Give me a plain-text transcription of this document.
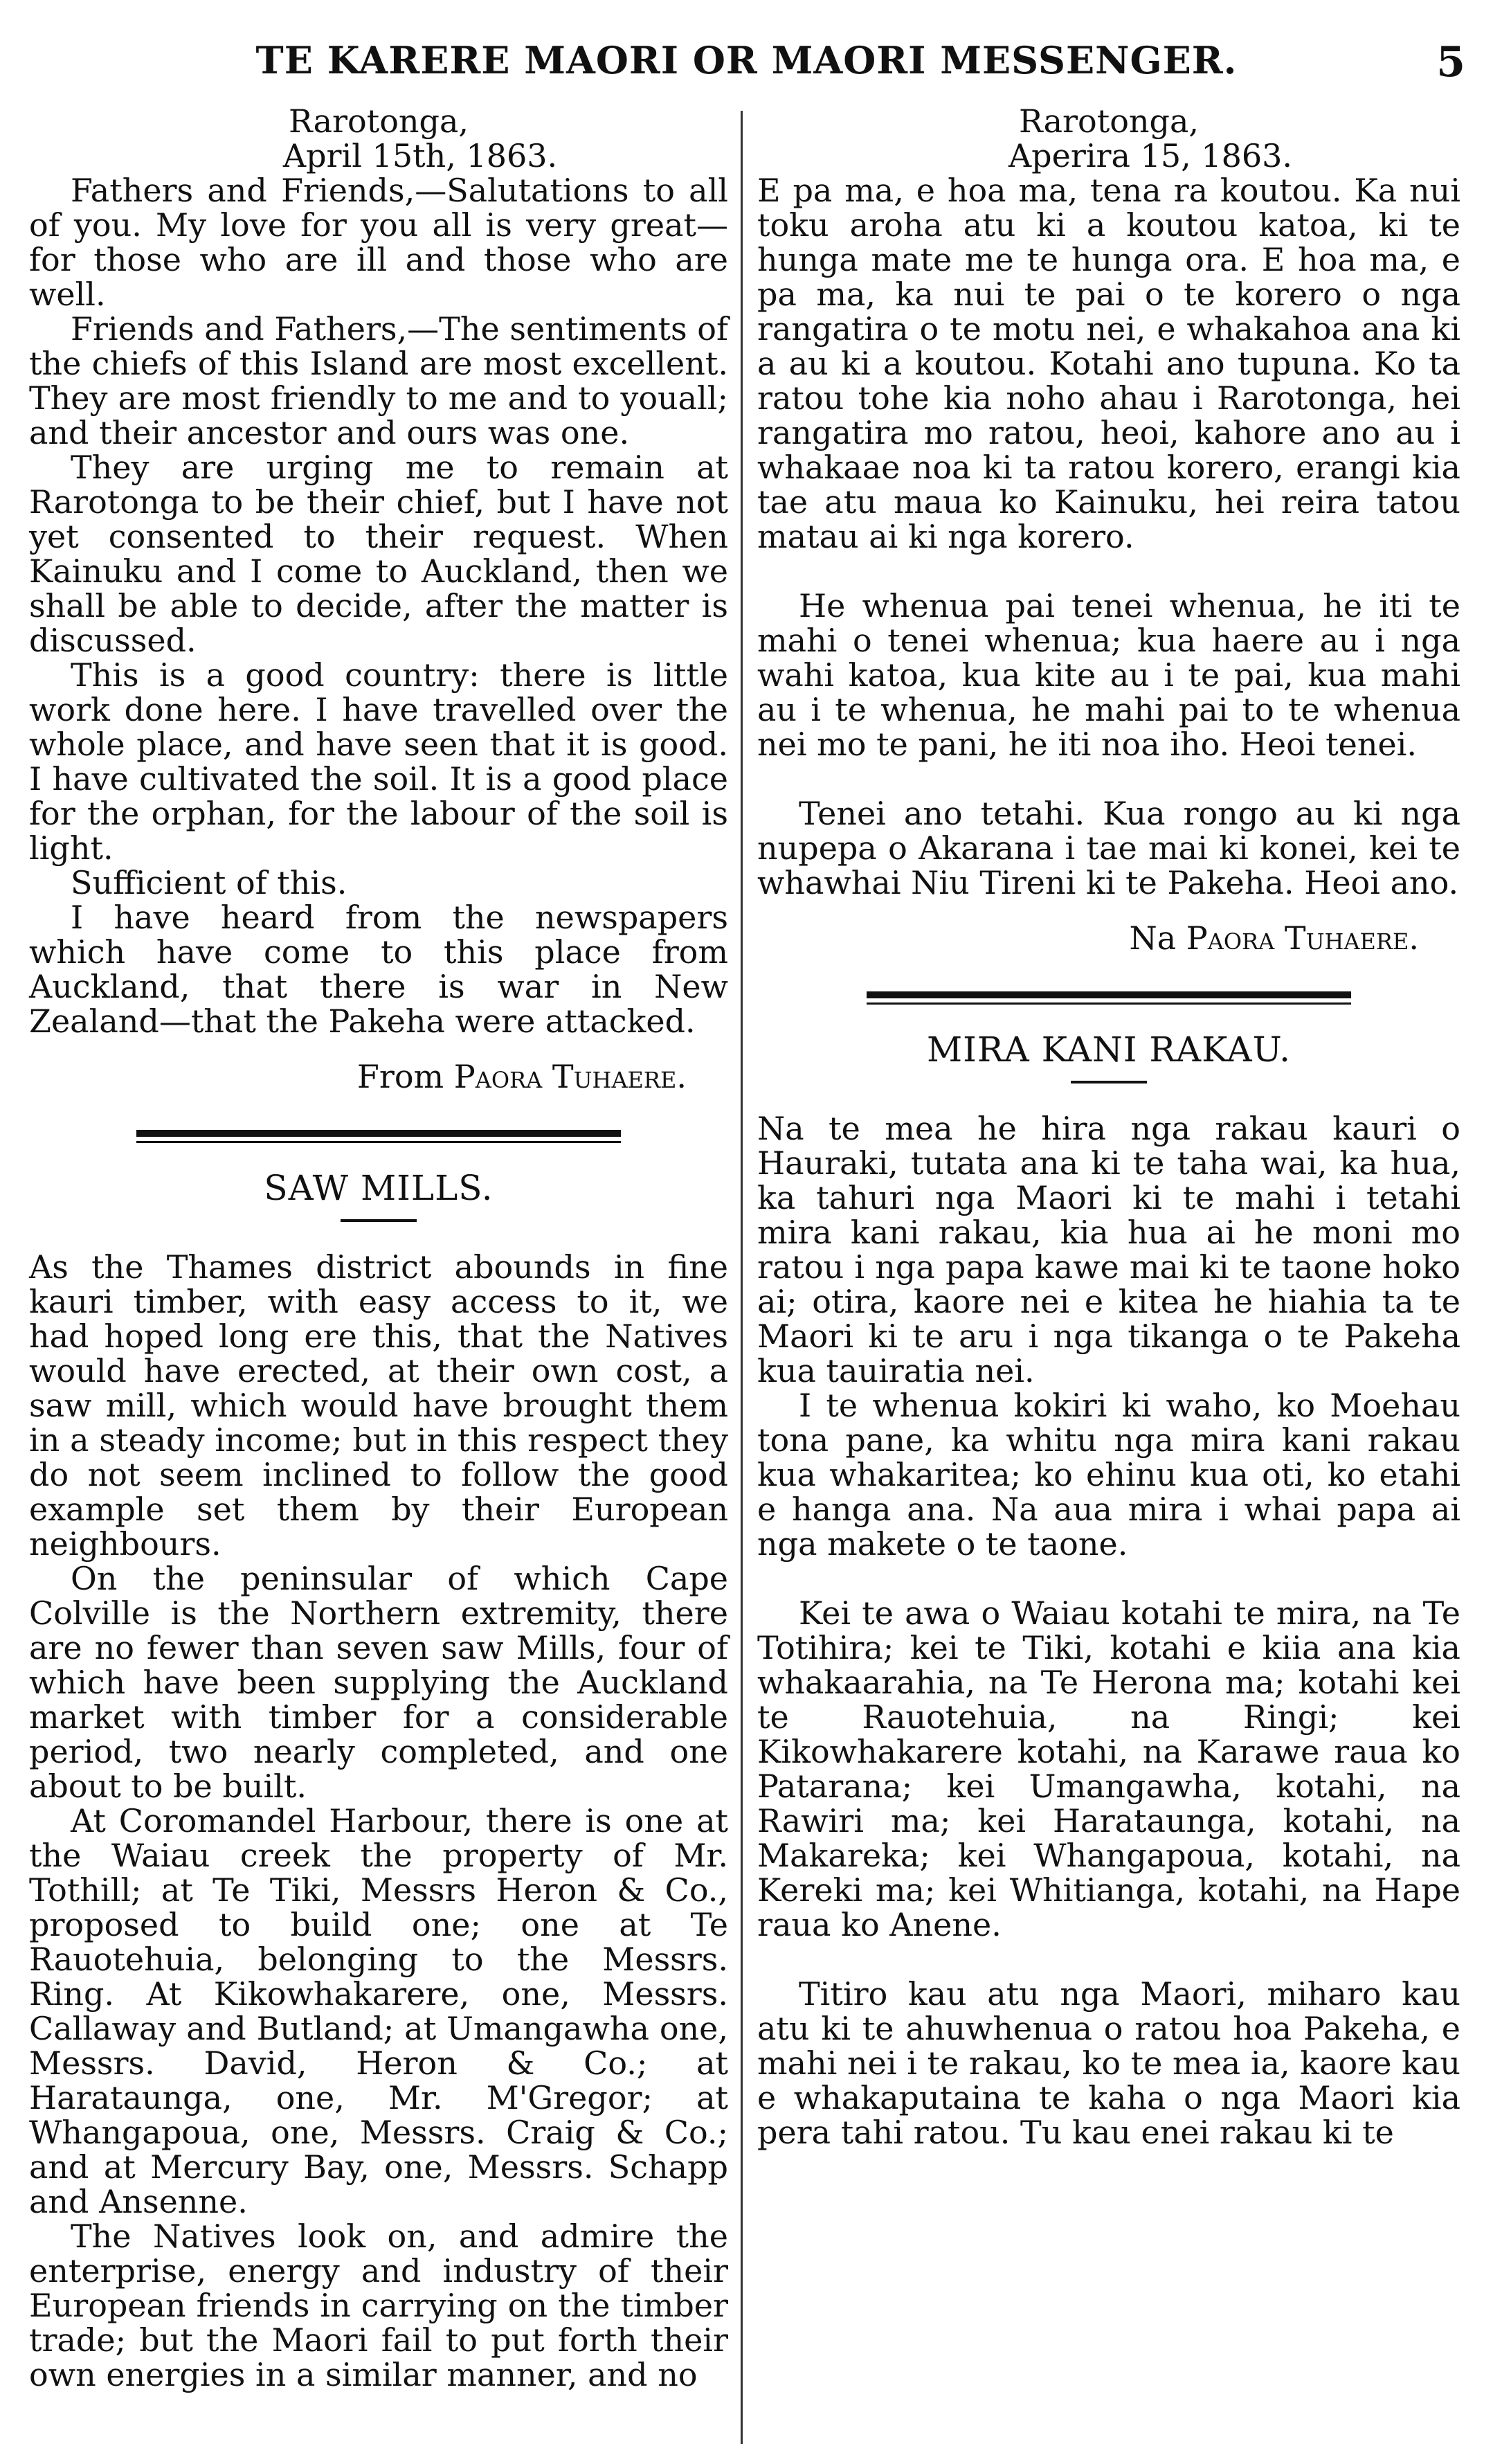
TE KARERE MAORI OR MAORI MESSENGER.	5
Rarotonga,
April 15th, 1863.

Fathers and Friends,—Salutations to all of you. My love for you all is very great—for those who are ill and those who are well.

Friends and Fathers,—The sentiments of the chiefs of this Island are most excellent. They are most friendly to me and to youall; and their ancestor and ours was one.

They are urging me to remain at Rarotonga to be their chief, but I have not yet consented to their request. When Kainuku and I come to Auckland, then we shall be able to decide, after the matter is discussed.

This is a good country: there is little work done here. I have travelled over the whole place, and have seen that it is good. I have cultivated the soil. It is a good place for the orphan, for the labour of the soil is light.

Sufficient of this.

I have heard from the newspapers which have come to this place from Auckland, that there is war in New Zealand—that the Pakeha were attacked.

From Paora Tuhaere.
SAW MILLS.

As the Thames district abounds in fine kauri timber, with easy access to it, we had hoped long ere this, that the Natives would have erected, at their own cost, a saw mill, which would have brought them in a steady income; but in this respect they do not seem inclined to follow the good example set them by their European neighbours.

On the peninsular of which Cape Colville is the Northern extremity, there are no fewer than seven saw Mills, four of which have been supplying the Auckland market with timber for a considerable period, two nearly completed, and one about to be built.

At Coromandel Harbour, there is one at the Waiau creek the property of Mr. Tothill; at Te Tiki, Messrs Heron & Co., proposed to build one; one at Te Rauotehuia, belonging to the Messrs. Ring. At Kikowhakarere, one, Messrs. Callaway and Butland; at Umangawha one, Messrs. David, Heron & Co.; at Harataunga, one, Mr. M'Gregor; at Whangapoua, one, Messrs. Craig & Co.; and at Mercury Bay, one, Messrs. Schapp and Ansenne.

The Natives look on, and admire the enterprise, energy and industry of their European friends in carrying on the timber trade; but the Maori fail to put forth their own energies in a similar manner, and no

Rarotonga,
Aperira 15, 1863.

E pa ma, e hoa ma, tena ra koutou. Ka nui toku aroha atu ki a koutou katoa, ki te hunga mate me te hunga ora. E hoa ma, e pa ma, ka nui te pai o te korero o nga rangatira o te motu nei, e whakahoa ana ki a au ki a koutou. Kotahi ano tupuna. Ko ta ratou tohe kia noho ahau i Rarotonga, hei rangatira mo ratou, heoi, kahore ano au i whakaae noa ki ta ratou korero, erangi kia tae atu maua ko Kainuku, hei reira tatou matau ai ki nga korero.

He whenua pai tenei whenua, he iti te mahi o tenei whenua; kua haere au i nga wahi katoa, kua kite au i te pai, kua mahi au i te whenua, he mahi pai to te whenua nei mo te pani, he iti noa iho. Heoi tenei.

Tenei ano tetahi. Kua rongo au ki nga nupepa o Akarana i tae mai ki konei, kei te whawhai Niu Tireni ki te Pakeha. Heoi ano.

Na Paora Tuhaere.
MIRA KANI RAKAU.

Na te mea he hira nga rakau kauri o Hauraki, tutata ana ki te taha wai, ka hua, ka tahuri nga Maori ki te mahi i tetahi mira kani rakau, kia hua ai he moni mo ratou i nga papa kawe mai ki te taone hoko ai; otira, kaore nei e kitea he hiahia ta te Maori ki te aru i nga tikanga o te Pakeha kua tauiratia nei.

I te whenua kokiri ki waho, ko Moehau tona pane, ka whitu nga mira kani rakau kua whakaritea; ko ehinu kua oti, ko etahi e hanga ana. Na aua mira i whai papa ai nga makete o te taone.

Kei te awa o Waiau kotahi te mira, na Te Totihira; kei te Tiki, kotahi e kiia ana kia whakaarahia, na Te Herona ma; kotahi kei te Rauotehuia, na Ringi; kei Kikowhakarere kotahi, na Karawe raua ko Patarana; kei Umangawha, kotahi, na Rawiri ma; kei Harataunga, kotahi, na Makareka; kei Whangapoua, kotahi, na Kereki ma; kei Whitianga, kotahi, na Hape raua ko Anene.

Titiro kau atu nga Maori, miharo kau atu ki te ahuwhenua o ratou hoa Pakeha, e mahi nei i te rakau, ko te mea ia, kaore kau e whakaputaina te kaha o nga Maori kia pera tahi ratou. Tu kau enei rakau ki te
